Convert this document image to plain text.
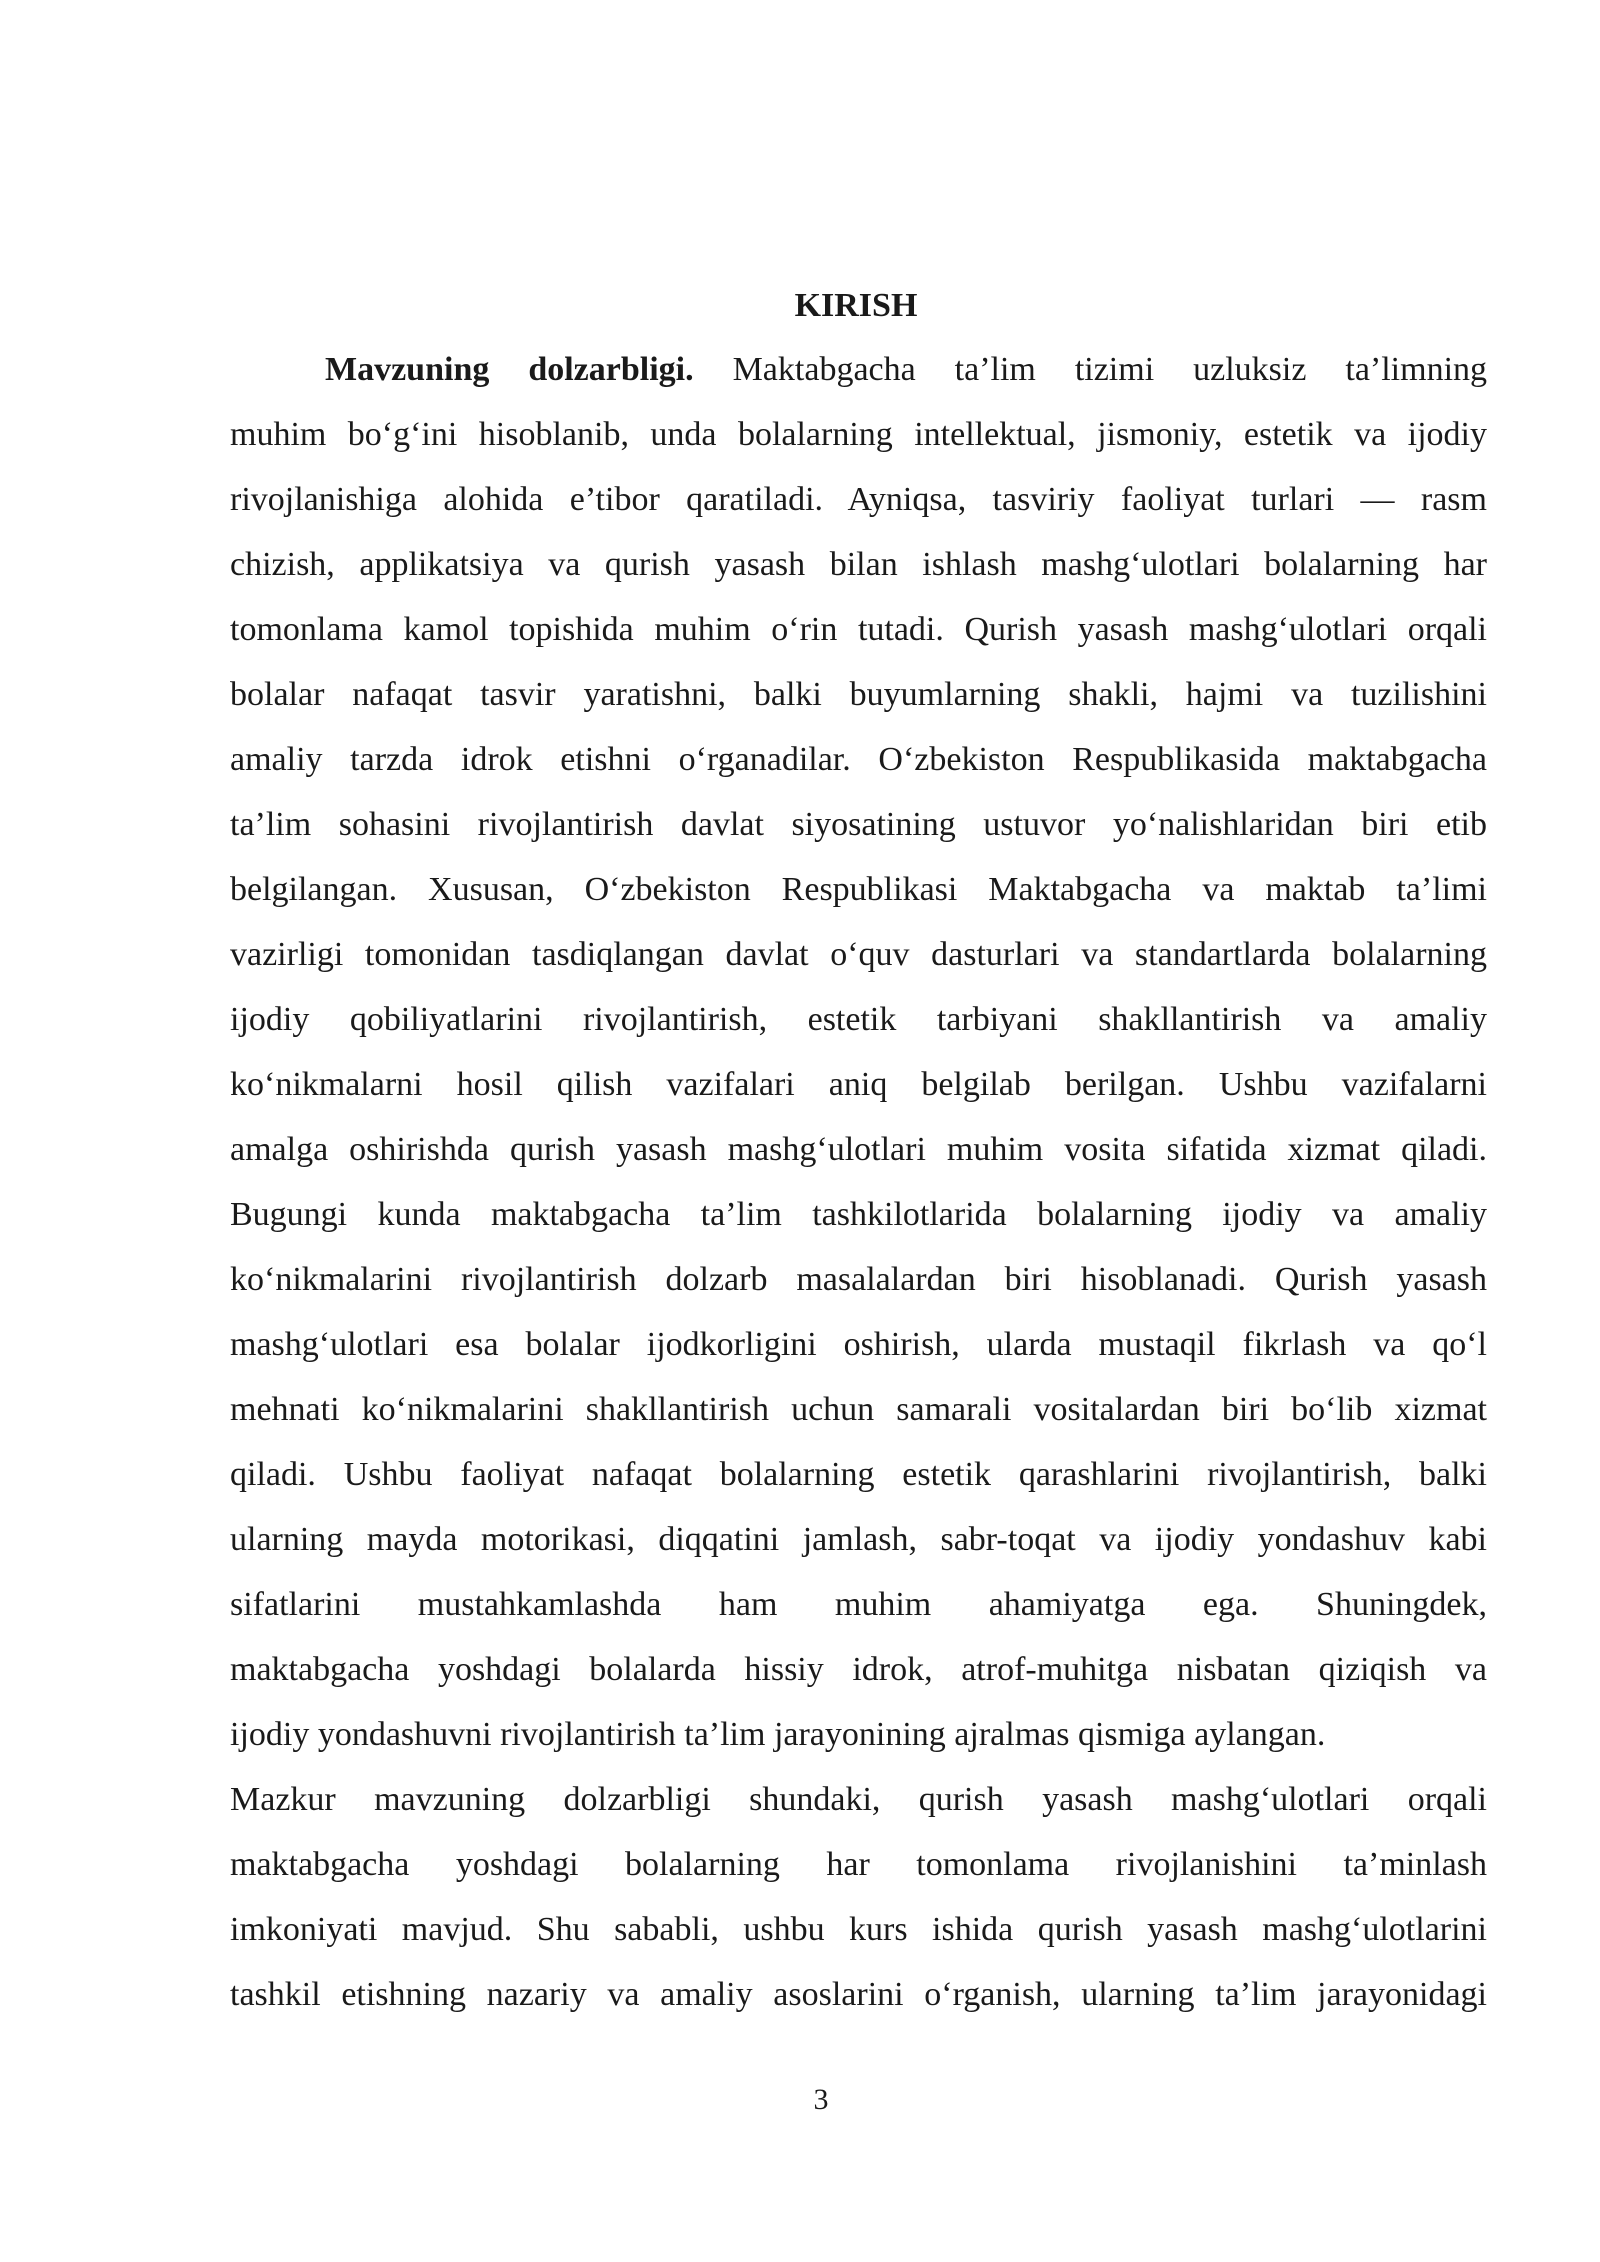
KIRISH
Mavzuning dolzarbligi. Maktabgacha ta’lim tizimi uzluksiz ta’limning
muhim bo‘g‘ini hisoblanib, unda bolalarning intellektual, jismoniy, estetik va ijodiy
rivojlanishiga alohida e’tibor qaratiladi. Ayniqsa, tasviriy faoliyat turlari — rasm
chizish, applikatsiya va qurish yasash bilan ishlash mashg‘ulotlari bolalarning har
tomonlama kamol topishida muhim o‘rin tutadi. Qurish yasash mashg‘ulotlari orqali
bolalar nafaqat tasvir yaratishni, balki buyumlarning shakli, hajmi va tuzilishini
amaliy tarzda idrok etishni o‘rganadilar. O‘zbekiston Respublikasida maktabgacha
ta’lim sohasini rivojlantirish davlat siyosatining ustuvor yo‘nalishlaridan biri etib
belgilangan. Xususan, O‘zbekiston Respublikasi Maktabgacha va maktab ta’limi
vazirligi tomonidan tasdiqlangan davlat o‘quv dasturlari va standartlarda bolalarning
ijodiy qobiliyatlarini rivojlantirish, estetik tarbiyani shakllantirish va amaliy
ko‘nikmalarni hosil qilish vazifalari aniq belgilab berilgan. Ushbu vazifalarni
amalga oshirishda qurish yasash mashg‘ulotlari muhim vosita sifatida xizmat qiladi.
Bugungi kunda maktabgacha ta’lim tashkilotlarida bolalarning ijodiy va amaliy
ko‘nikmalarini rivojlantirish dolzarb masalalardan biri hisoblanadi. Qurish yasash
mashg‘ulotlari esa bolalar ijodkorligini oshirish, ularda mustaqil fikrlash va qo‘l
mehnati ko‘nikmalarini shakllantirish uchun samarali vositalardan biri bo‘lib xizmat
qiladi. Ushbu faoliyat nafaqat bolalarning estetik qarashlarini rivojlantirish, balki
ularning mayda motorikasi, diqqatini jamlash, sabr-toqat va ijodiy yondashuv kabi
sifatlarini mustahkamlashda ham muhim ahamiyatga ega. Shuningdek,
maktabgacha yoshdagi bolalarda hissiy idrok, atrof-muhitga nisbatan qiziqish va
ijodiy yondashuvni rivojlantirish ta’lim jarayonining ajralmas qismiga aylangan.
Mazkur mavzuning dolzarbligi shundaki, qurish yasash mashg‘ulotlari orqali
maktabgacha yoshdagi bolalarning har tomonlama rivojlanishini ta’minlash
imkoniyati mavjud. Shu sababli, ushbu kurs ishida qurish yasash mashg‘ulotlarini
tashkil etishning nazariy va amaliy asoslarini o‘rganish, ularning ta’lim jarayonidagi
3
